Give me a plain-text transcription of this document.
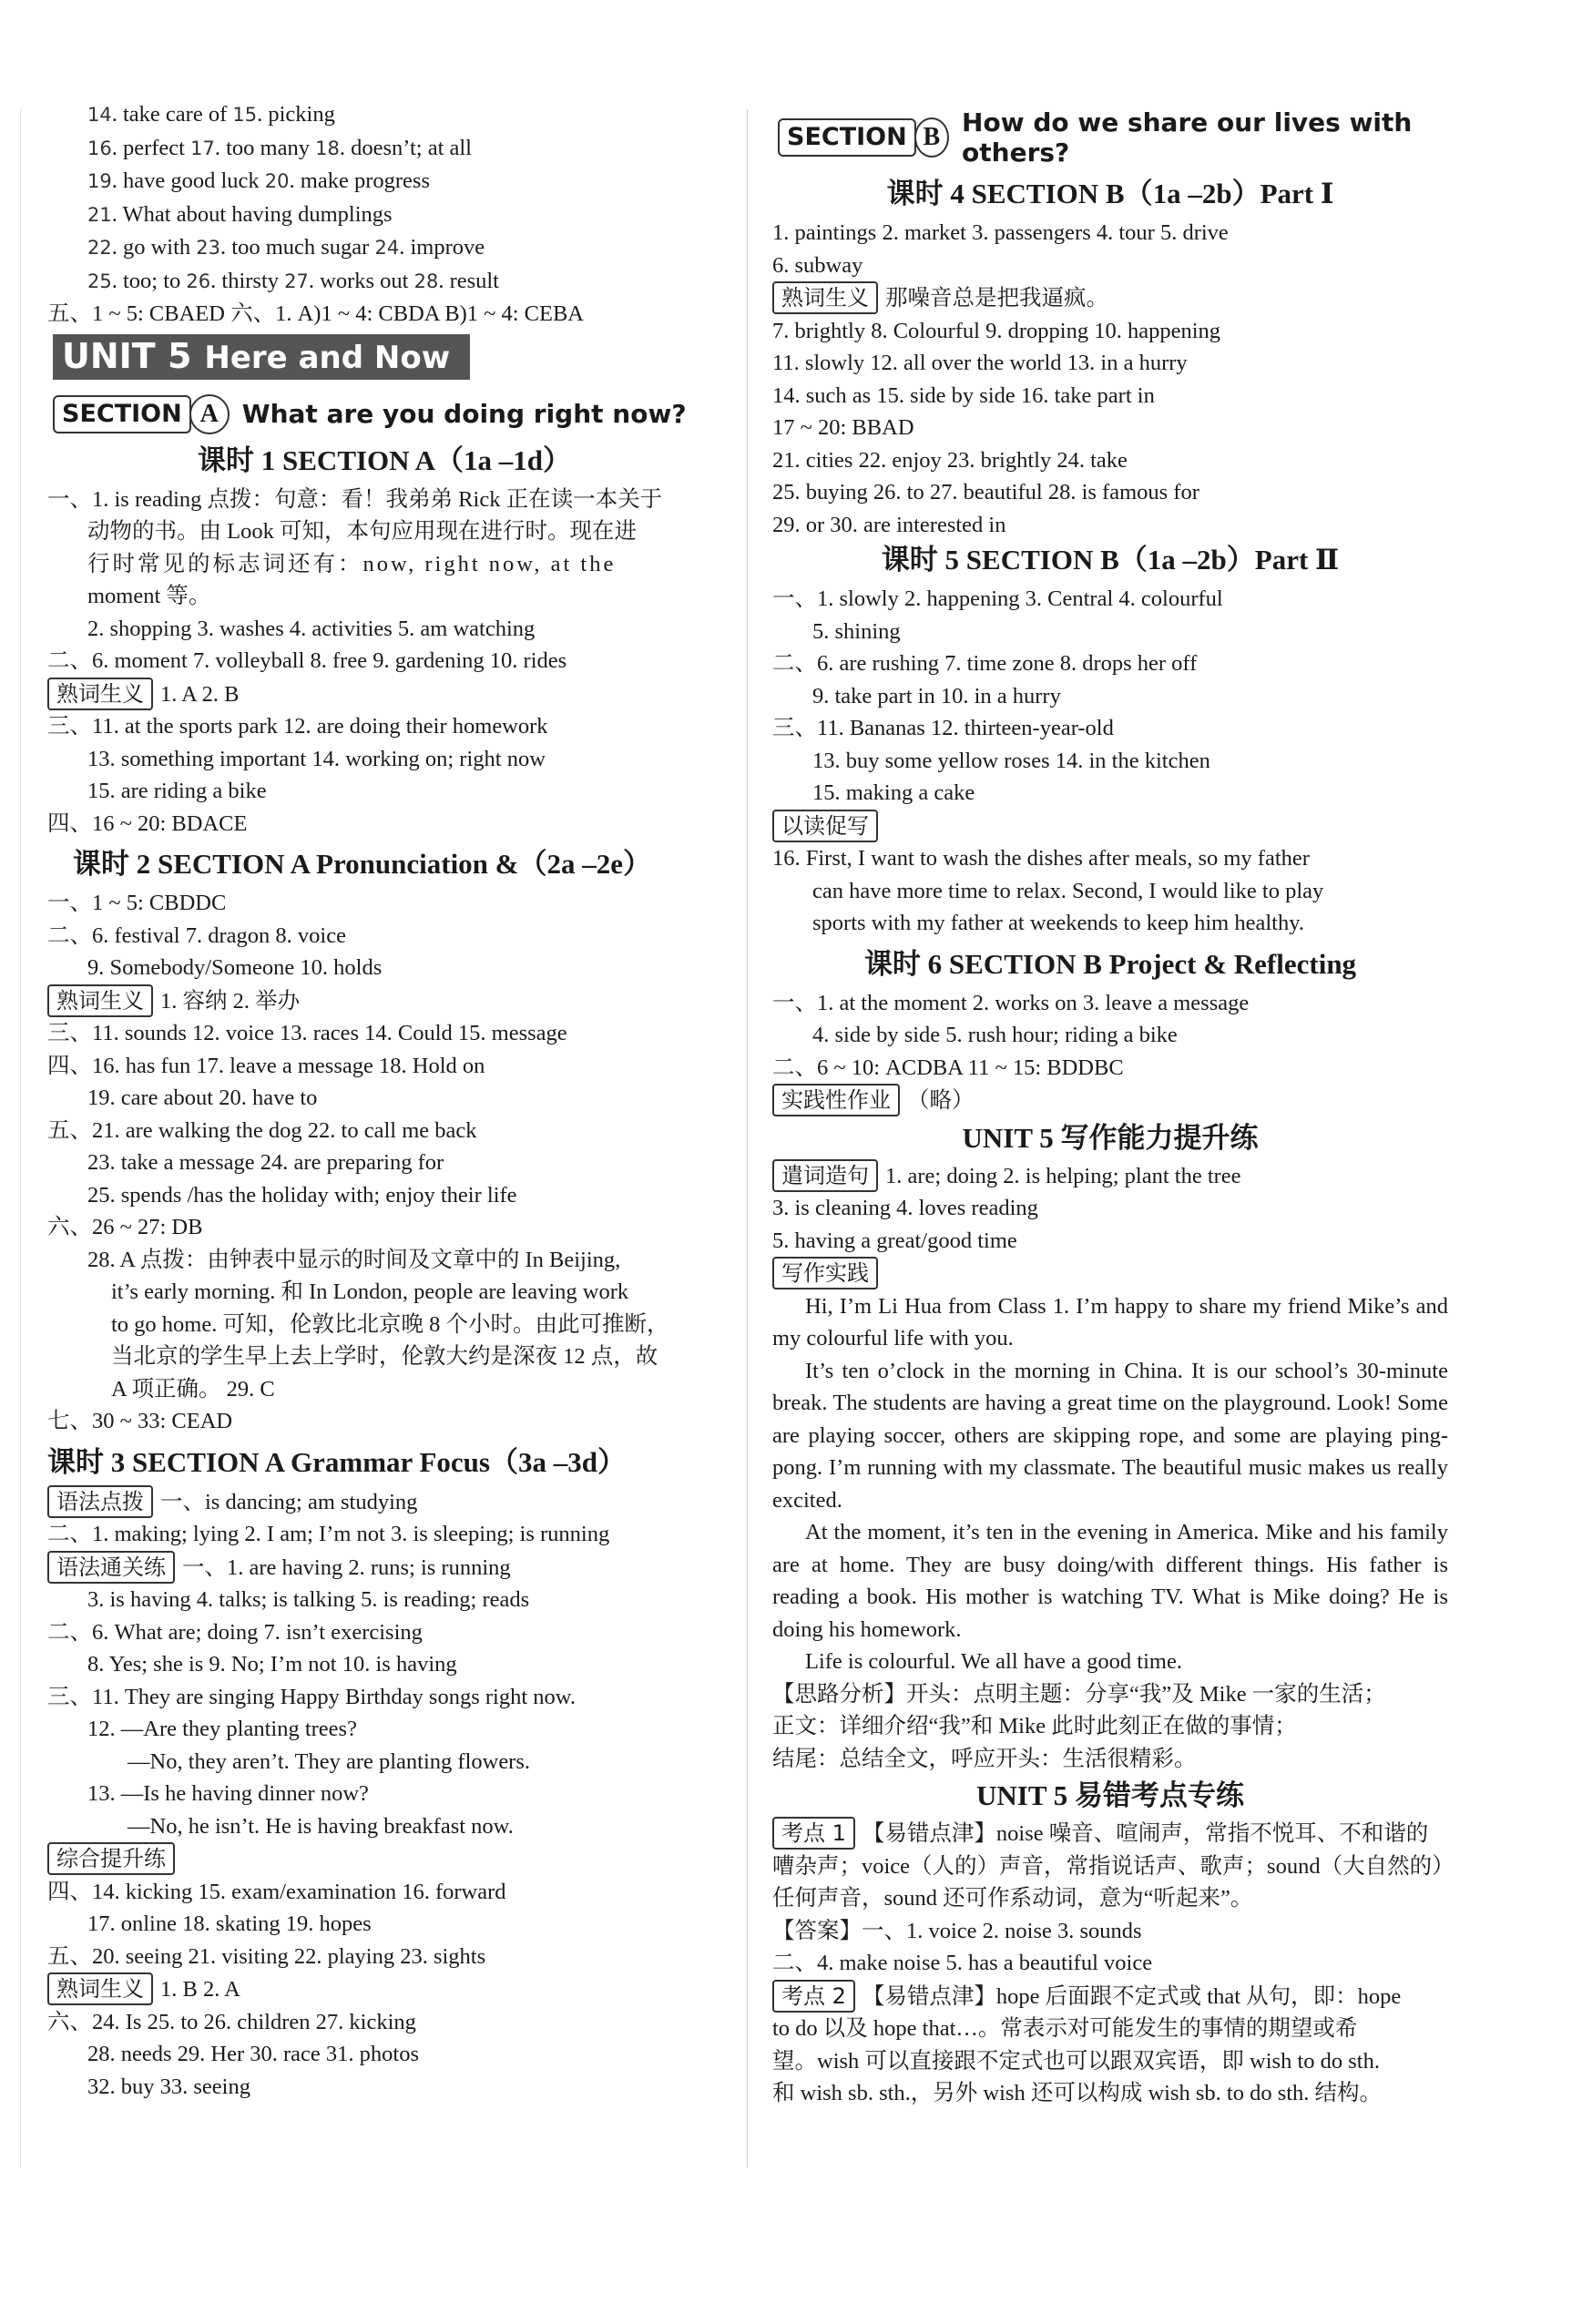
14. take care of 15. picking
16. perfect 17. too many 18. doesn’t; at all
19. have good luck 20. make progress
21. What about having dumplings
22. go with 23. too much sugar 24. improve
25. too; to 26. thirsty 27. works out 28. result
五、1 ~ 5: CBAED 六、1. A)1 ~ 4: CBDA B)1 ~ 4: CEBA
UNIT 5 Here and Now
SECTION A What are you doing right now?
课时 1 SECTION A（1a –1d）
一、1. is reading 点拨：句意：看！我弟弟 Rick 正在读一本关于
动物的书。由 Look 可知，本句应用现在进行时。现在进
行时常见的标志词还有：now, right now, at the
moment 等。
2. shopping 3. washes 4. activities 5. am watching
二、6. moment 7. volleyball 8. free 9. gardening 10. rides
熟词生义 1. A 2. B
三、11. at the sports park 12. are doing their homework
13. something important 14. working on; right now
15. are riding a bike
四、16 ~ 20: BDACE
课时 2 SECTION A Pronunciation &（2a –2e）
一、1 ~ 5: CBDDC
二、6. festival 7. dragon 8. voice
9. Somebody/Someone 10. holds
熟词生义 1. 容纳 2. 举办
三、11. sounds 12. voice 13. races 14. Could 15. message
四、16. has fun 17. leave a message 18. Hold on
19. care about 20. have to
五、21. are walking the dog 22. to call me back
23. take a message 24. are preparing for
25. spends /has the holiday with; enjoy their life
六、26 ~ 27: DB
28. A 点拨：由钟表中显示的时间及文章中的 In Beijing,
it’s early morning. 和 In London, people are leaving work
to go home. 可知，伦敦比北京晚 8 个小时。由此可推断，
当北京的学生早上去上学时，伦敦大约是深夜 12 点，故
A 项正确。 29. C
七、30 ~ 33: CEAD
课时 3 SECTION A Grammar Focus（3a –3d）
语法点拨 一、is dancing; am studying
二、1. making; lying 2. I am; I’m not 3. is sleeping; is running
语法通关练 一、1. are having 2. runs; is running
3. is having 4. talks; is talking 5. is reading; reads
二、6. What are; doing 7. isn’t exercising
8. Yes; she is 9. No; I’m not 10. is having
三、11. They are singing Happy Birthday songs right now.
12. —Are they planting trees?
—No, they aren’t. They are planting flowers.
13. —Is he having dinner now?
—No, he isn’t. He is having breakfast now.
综合提升练
四、14. kicking 15. exam/examination 16. forward
17. online 18. skating 19. hopes
五、20. seeing 21. visiting 22. playing 23. sights
熟词生义 1. B 2. A
六、24. Is 25. to 26. children 27. kicking
28. needs 29. Her 30. race 31. photos
32. buy 33. seeing
SECTION B How do we share our lives with others?
课时 4 SECTION B（1a –2b）Part Ⅰ
1. paintings 2. market 3. passengers 4. tour 5. drive
6. subway
熟词生义 那噪音总是把我逼疯。
7. brightly 8. Colourful 9. dropping 10. happening
11. slowly 12. all over the world 13. in a hurry
14. such as 15. side by side 16. take part in
17 ~ 20: BBAD
21. cities 22. enjoy 23. brightly 24. take
25. buying 26. to 27. beautiful 28. is famous for
29. or 30. are interested in
课时 5 SECTION B（1a –2b）Part Ⅱ
一、1. slowly 2. happening 3. Central 4. colourful
5. shining
二、6. are rushing 7. time zone 8. drops her off
9. take part in 10. in a hurry
三、11. Bananas 12. thirteen-year-old
13. buy some yellow roses 14. in the kitchen
15. making a cake
以读促写
16. First, I want to wash the dishes after meals, so my father
can have more time to relax. Second, I would like to play
sports with my father at weekends to keep him healthy.
课时 6 SECTION B Project & Reflecting
一、1. at the moment 2. works on 3. leave a message
4. side by side 5. rush hour; riding a bike
二、6 ~ 10: ACDBA 11 ~ 15: BDDBC
实践性作业 （略）
UNIT 5 写作能力提升练
遣词造句 1. are; doing 2. is helping; plant the tree
3. is cleaning 4. loves reading
5. having a great/good time
写作实践
Hi, I’m Li Hua from Class 1. I’m happy to share my friend Mike’s and my colourful life with you.
It’s ten o’clock in the morning in China. It is our school’s 30-minute break. The students are having a great time on the playground. Look! Some are playing soccer, others are skipping rope, and some are playing ping-pong. I’m running with my classmate. The beautiful music makes us really excited.
At the moment, it’s ten in the evening in America. Mike and his family are at home. They are busy doing/with different things. His father is reading a book. His mother is watching TV. What is Mike doing? He is doing his homework.
Life is colourful. We all have a good time.
【思路分析】开头：点明主题：分享“我”及 Mike 一家的生活；
正文：详细介绍“我”和 Mike 此时此刻正在做的事情；
结尾：总结全文，呼应开头：生活很精彩。
UNIT 5 易错考点专练
考点 1 【易错点津】noise 噪音、喧闹声，常指不悦耳、不和谐的
嘈杂声；voice（人的）声音，常指说话声、歌声；sound（大自然的）
任何声音，sound 还可作系动词，意为“听起来”。
【答案】一、1. voice 2. noise 3. sounds
二、4. make noise 5. has a beautiful voice
考点 2 【易错点津】hope 后面跟不定式或 that 从句，即：hope
to do 以及 hope that…。常表示对可能发生的事情的期望或希
望。wish 可以直接跟不定式也可以跟双宾语，即 wish to do sth.
和 wish sb. sth.，另外 wish 还可以构成 wish sb. to do sth. 结构。
